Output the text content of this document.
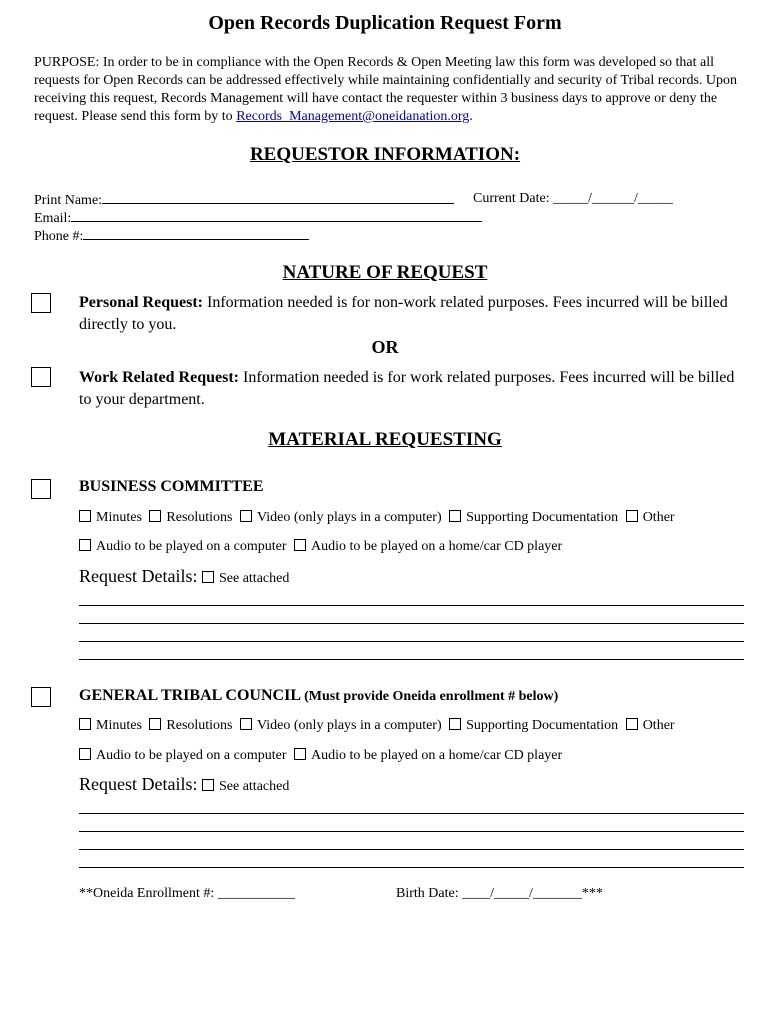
Open Records Duplication Request Form
PURPOSE: In order to be in compliance with the Open Records & Open Meeting law this form was developed so that all requests for Open Records can be addressed effectively while maintaining confidentially and security of Tribal records. Upon receiving this request, Records Management will have contact the requester within 3 business days to approve or deny the request. Please send this form by to Records_Management@oneidanation.org.
REQUESTOR INFORMATION:
Print Name:	Current Date: _____/______/_____
Email:
Phone #:
NATURE OF REQUEST
Personal Request: Information needed is for non-work related purposes. Fees incurred will be billed directly to you.
OR
Work Related Request: Information needed is for work related purposes. Fees incurred will be billed to your department.
MATERIAL REQUESTING
BUSINESS COMMITTEE
Minutes Resolutions Video (only plays in a computer) Supporting Documentation Other
Audio to be played on a computer Audio to be played on a home/car CD player
Request Details: See attached
GENERAL TRIBAL COUNCIL (Must provide Oneida enrollment # below)
Minutes Resolutions Video (only plays in a computer) Supporting Documentation Other
Audio to be played on a computer Audio to be played on a home/car CD player
Request Details: See attached
**Oneida Enrollment #: ___________	Birth Date: ____/_____/_______***
